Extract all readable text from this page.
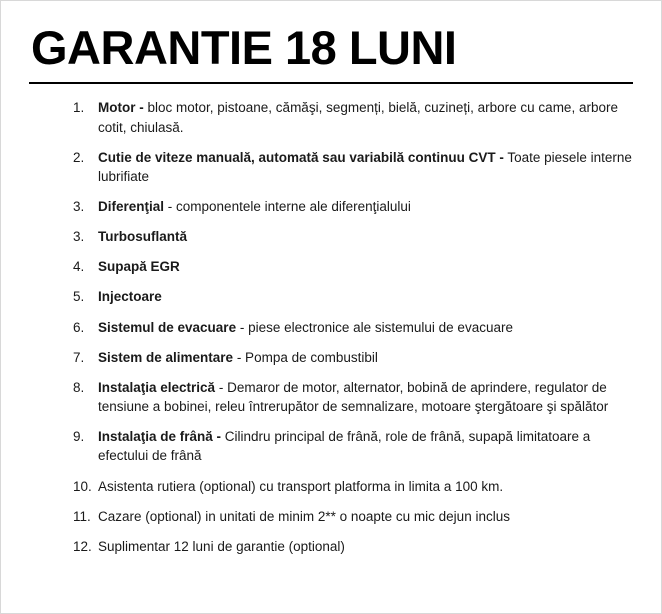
GARANTIE 18 LUNI
1.	Motor - bloc motor, pistoane, cămăşi, segmenți, bielă, cuzineți, arbore cu came, arbore cotit, chiulasă.
2.	Cutie de viteze manuală, automată sau variabilă continuu CVT - Toate piesele interne lubrifiate
3.	Diferenţial - componentele interne ale diferenţialului
3.	Turbosuflantă
4.	Supapă EGR
5.	Injectoare
6.	Sistemul de evacuare - piese electronice ale sistemului de evacuare
7.	Sistem de alimentare - Pompa de combustibil
8.	Instalaţia electrică - Demaror de motor, alternator, bobină de aprindere, regulator de tensiune a bobinei, releu întrerupător de semnalizare, motoare ştergătoare şi spălător
9.	Instalaţia de frână - Cilindru principal de frână, role de frână, supapă limitatoare a efectului de frână
10. Asistenta rutiera (optional) cu transport platforma in limita a 100 km.
11. Cazare (optional) in unitati de minim 2** o noapte cu mic dejun inclus
12. Suplimentar 12 luni de garantie (optional)
